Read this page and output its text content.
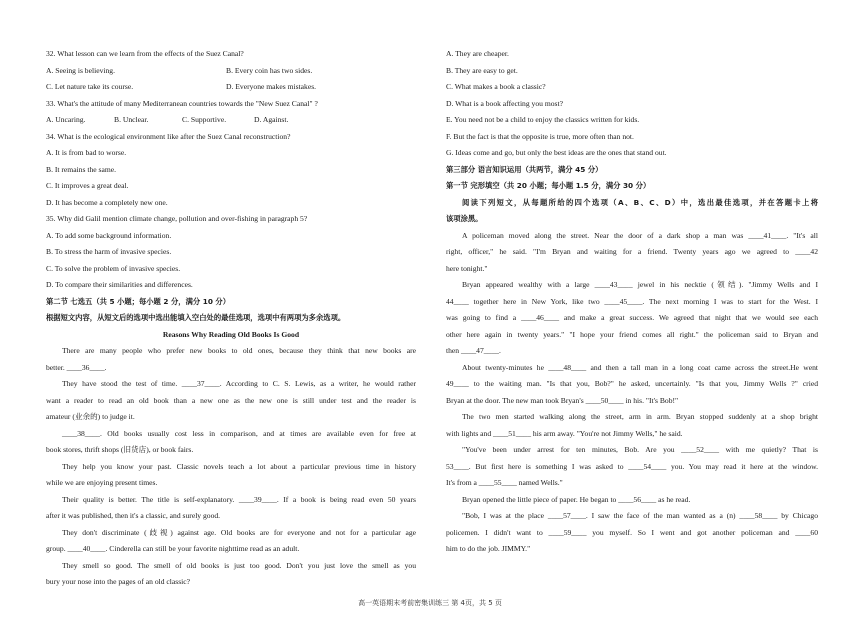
32. What lesson can we learn from the effects of the Suez Canal?
A. Seeing is believing.	B. Every coin has two sides.
C. Let nature take its course.	D. Everyone makes mistakes.
33. What's the attitude of many Mediterranean countries towards the "New Suez Canal" ?
A. Uncaring.	B. Unclear.	C. Supportive.	D. Against.
34. What is the ecological environment like after the Suez Canal reconstruction?
A. It is from bad to worse.
B. It remains the same.
C. It improves a great deal.
D. It has become a completely new one.
35. Why did Galil mention climate change, pollution and over-fishing in paragraph 5?
A. To add some background information.
B. To stress the harm of invasive species.
C. To solve the problem of invasive species.
D. To compare their similarities and differences.
第二节 七选五（共 5 小题；每小题 2 分，满分 10 分）
根据短文内容，从短文后的选项中选出能填入空白处的最佳选项，选项中有两项为多余选项。
Reasons Why Reading Old Books Is Good
There are many people who prefer new books to old ones, because they think that new books are
better. ____36____.
They have stood the test of time. ____37____. According to C. S. Lewis, as a writer, he would rather
want a reader to read an old book than a new one as the new one is still under test and the reader is
amateur (业余的) to judge it.
____38____. Old books usually cost less in comparison, and at times are available even for free at
book stores, thrift shops (旧货店), or book fairs.
They help you know your past. Classic novels teach a lot about a particular previous time in history
while we are enjoying present times.
Their quality is better. The title is self-explanatory. ____39____. If a book is being read even 50 years
after it was published, then it's a classic, and surely good.
They don't discriminate (歧视) against age. Old books are for everyone and not for a particular age
group. ____40____. Cinderella can still be your favorite nighttime read as an adult.
They smell so good. The smell of old books is just too good. Don't you just love the smell as you
bury your nose into the pages of an old classic?
A. They are cheaper.
B. They are easy to get.
C. What makes a book a classic?
D. What is a book affecting you most?
E. You need not be a child to enjoy the classics written for kids.
F. But the fact is that the opposite is true, more often than not.
G. Ideas come and go, but only the best ideas are the ones that stand out.
第三部分 语言知识运用（共两节，满分 45 分）
第一节 完形填空（共 20 小题；每小题 1.5 分，满分 30 分）
阅读下列短文，从每题所给的四个选项（A、B、C、D）中，选出最佳选项，并在答题卡上将
该项涂黑。
A policeman moved along the street. Near the door of a dark shop a man was ____41____. "It's all
right, officer," he said. "I'm Bryan and waiting for a friend. Twenty years ago we agreed to ____42
here tonight."
Bryan appeared wealthy with a large ____43____ jewel in his necktie (领结). "Jimmy Wells and I
44____ together here in New York, like two ____45____. The next morning I was to start for the West. I
was going to find a ____46____ and make a great success. We agreed that night that we would see each
other here again in twenty years." "I hope your friend comes all right." the policeman said to Bryan and
then ____47____.
About twenty-minutes he ____48____ and then a tall man in a long coat came across the street.He went
49____ to the waiting man. "Is that you, Bob?" he asked, uncertainly. "Is that you, Jimmy Wells ?" cried
Bryan at the door. The new man took Bryan's ____50____ in his. "It's Bob!"
The two men started walking along the street, arm in arm. Bryan stopped suddenly at a shop bright
with lights and ____51____ his arm away. "You're not Jimmy Wells," he said.
"You've been under arrest for ten minutes, Bob. Are you ____52____ with me quietly? That is
53____. But first here is something I was asked to ____54____ you. You may read it here at the window.
It's from a ____55____ named Wells."
Bryan opened the little piece of paper. He began to ____56____ as he read.
"Bob, I was at the place ____57____. I saw the face of the man wanted as a (n) ____58____ by Chicago
policemen. I didn't want to ____59____ you myself. So I went and got another policeman and ____60
him to do the job. JIMMY."
高一英语期末考前密集训练三 第 4页，共 5 页
